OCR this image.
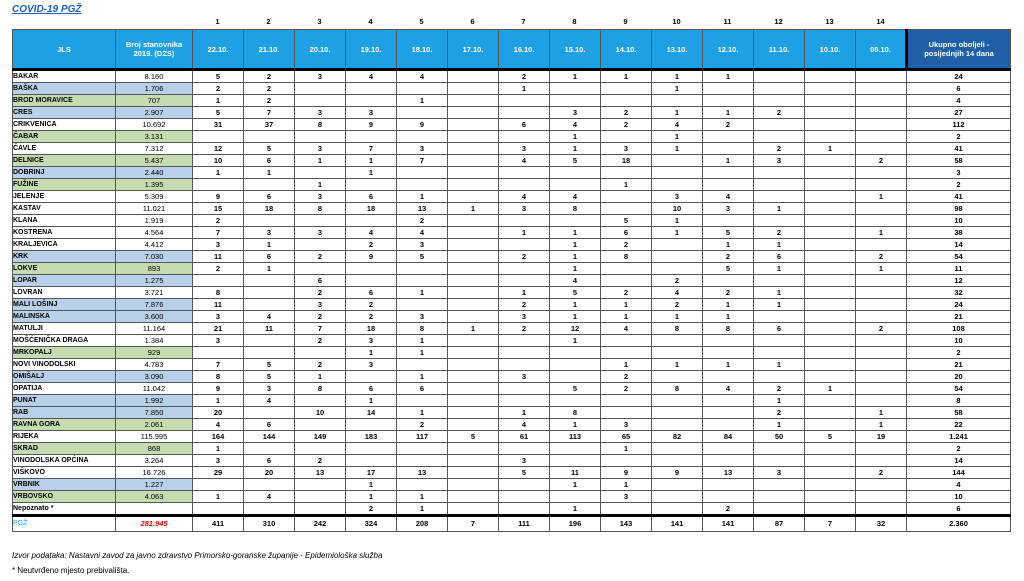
COVID-19 PGŽ
1	2	3	4	5	6	7	8	9	10	11	12	13	14
JLS	Broj stanovnika 2019. (DZS)	22.10.	21.10.	20.10.	19.10.	18.10.	17.10.	16.10.	15.10.	14.10.	13.10.	12.10.	11.10.	10.10.	09.10.	Ukupno oboljeli - posljednjih 14 dana
BAKAR	8.160	5	2	3	4	4		2	1	1	1	1				24
BAŠKA	1.706	2	2					1			1					6
BROD MORAVICE	707	1	2			1										4
CRES	2.907	5	7	3	3				3	2	1	1	2			27
CRIKVENICA	10.692	31	37	8	9	9		6	4	2	4	2				112
ČABAR	3.131								1		1					2
ČAVLE	7.312	12	5	3	7	3		3	1	3	1		2	1		41
DELNICE	5.437	10	6	1	1	7		4	5	18		1	3		2	58
DOBRINJ	2.440	1	1		1											3
FUŽINE	1.395			1						1						2
JELENJE	5.309	9	6	3	6	1		4	4		3	4			1	41
KASTAV	11.021	15	18	8	18	13	1	3	8		10	3	1			98
KLANA	1.919	2				2				5	1					10
KOSTRENA	4.564	7	3	3	4	4		1	1	6	1	5	2		1	38
KRALJEVICA	4.412	3	1		2	3			1	2		1	1			14
KRK	7.030	11	6	2	9	5		2	1	8		2	6		2	54
LOKVE	893	2	1						1			5	1		1	11
LOPAR	1.275			6					4		2					12
LOVRAN	3.721	8		2	6	1		1	5	2	4	2	1			32
MALI LOŠINJ	7.876	11		3	2			2	1	1	2	1	1			24
MALINSKA	3.600	3	4	2	2	3		3	1	1	1	1				21
MATULJI	11.164	21	11	7	18	8	1	2	12	4	8	8	6		2	108
MOŠĆENIČKA DRAGA	1.384	3		2	3	1			1							10
MRKOPALJ	929				1	1										2
NOVI VINODOLSKI	4.783	7	5	2	3					1	1	1	1			21
OMIŠALJ	3.090	8	5	1		1		3		2						20
OPATIJA	11.042	9	3	8	6	6			5	2	8	4	2	1		54
PUNAT	1.992	1	4		1								1			8
RAB	7.850	20		10	14	1		1	8				2		1	58
RAVNA GORA	2.061	4	6			2		4	1	3			1		1	22
RIJEKA	115.995	164	144	149	183	117	5	61	113	65	82	84	50	5	19	1.241
SKRAD	868	1								1						2
VINODOLSKA OPĆINA	3.264	3	6	2				3								14
VIŠKOVO	16.726	29	20	13	17	13		5	11	9	9	13	3		2	144
VRBNIK	1.227				1				1	1						4
VRBOVSKO	4.063	1	4		1	1				3						10
Nepoznato *					2	1			1			2				6
PGŽ	281.945	411	310	242	324	208	7	111	196	143	141	141	87	7	32	2.360
Izvor podataka: Nastavni zavod za javno zdravstvo Primorsko-goranske županije - Epidemiološka služba
* Neutvrđeno mjesto prebivališta.
